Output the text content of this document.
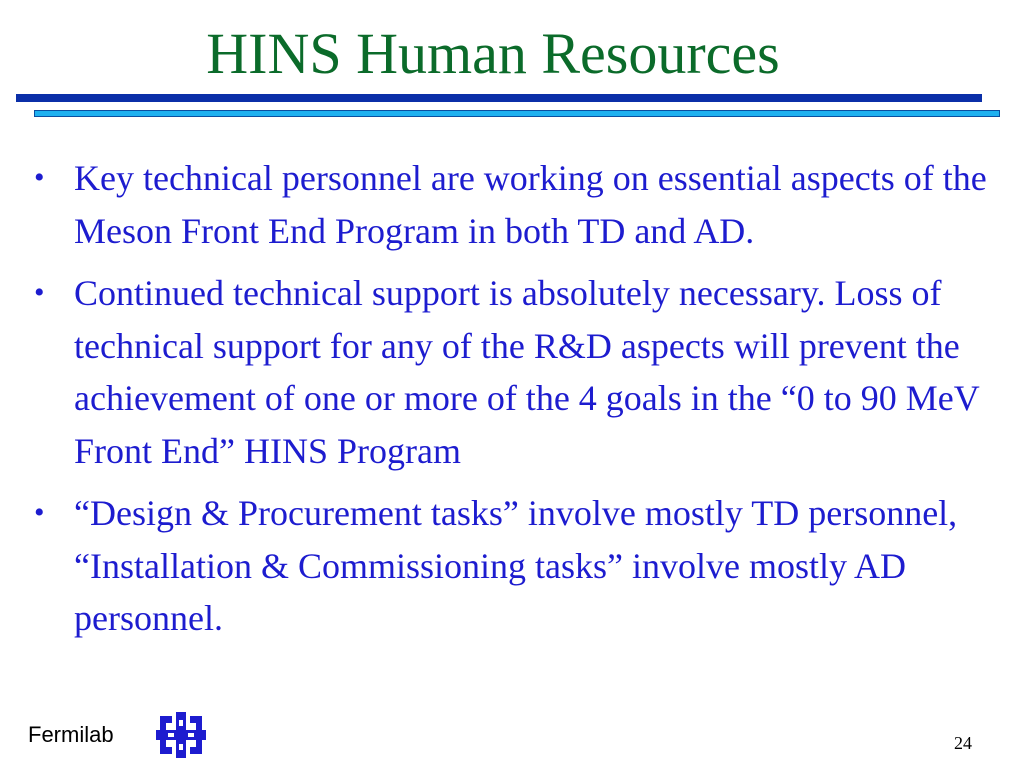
HINS Human Resources
• Key technical personnel are working on essential aspects of the Meson Front End Program in both TD and AD.
• Continued technical support is absolutely necessary. Loss of technical support for any of the R&D aspects will prevent the achievement of one or more of the 4 goals in the “0 to 90 MeV Front End” HINS Program
• “Design & Procurement tasks” involve mostly TD personnel, “Installation & Commissioning tasks” involve mostly AD personnel.
Fermilab	24
